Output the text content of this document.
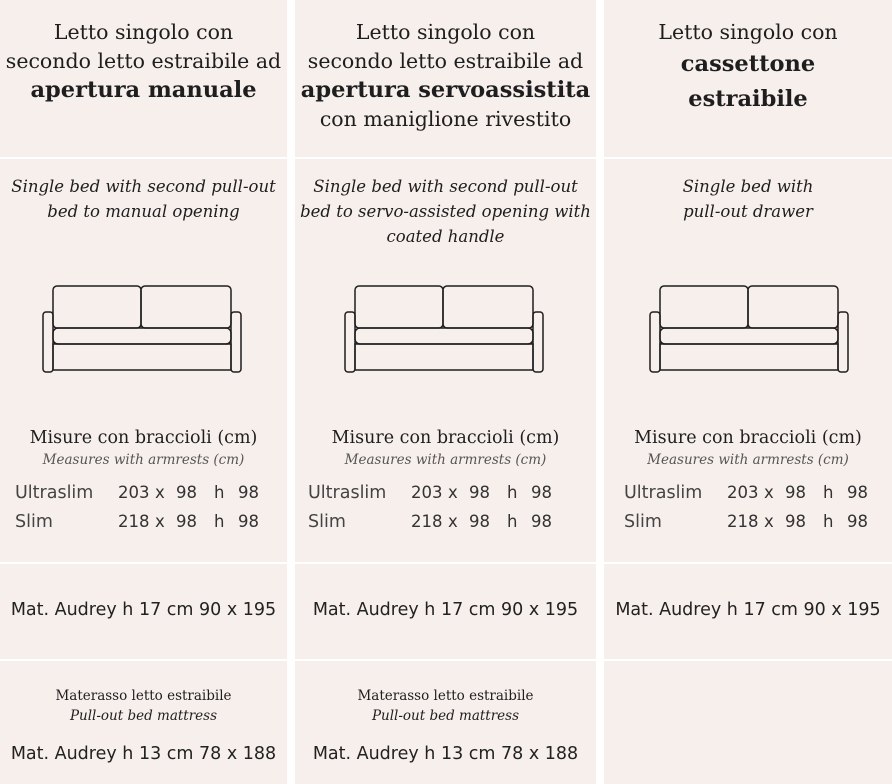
Letto singolo con
secondo letto estraibile ad
apertura manuale
Single bed with second pull-out
bed to manual opening
Misure con braccioli (cm)
Measures with armrests (cm)
Ultraslim 203 x 98 h 98
Slim	218 x 98 h 98
Mat. Audrey h 17 cm 90 x 195
Materasso letto estraibile
Pull-out bed mattress
Mat. Audrey h 13 cm 78 x 188
Letto singolo con
secondo letto estraibile ad
apertura servoassistita
con maniglione rivestito
Single bed with second pull-out
bed to servo-assisted opening with
coated handle
Misure con braccioli (cm)
Measures with armrests (cm)
Ultraslim 203 x 98 h 98
Slim	218 x 98 h 98
Mat. Audrey h 17 cm 90 x 195
Materasso letto estraibile
Pull-out bed mattress
Mat. Audrey h 13 cm 78 x 188
Letto singolo con
cassettone
estraibile
Single bed with
pull-out drawer
Misure con braccioli (cm)
Measures with armrests (cm)
Ultraslim 203 x 98 h 98
Slim	218 x 98 h 98
Mat. Audrey h 17 cm 90 x 195
